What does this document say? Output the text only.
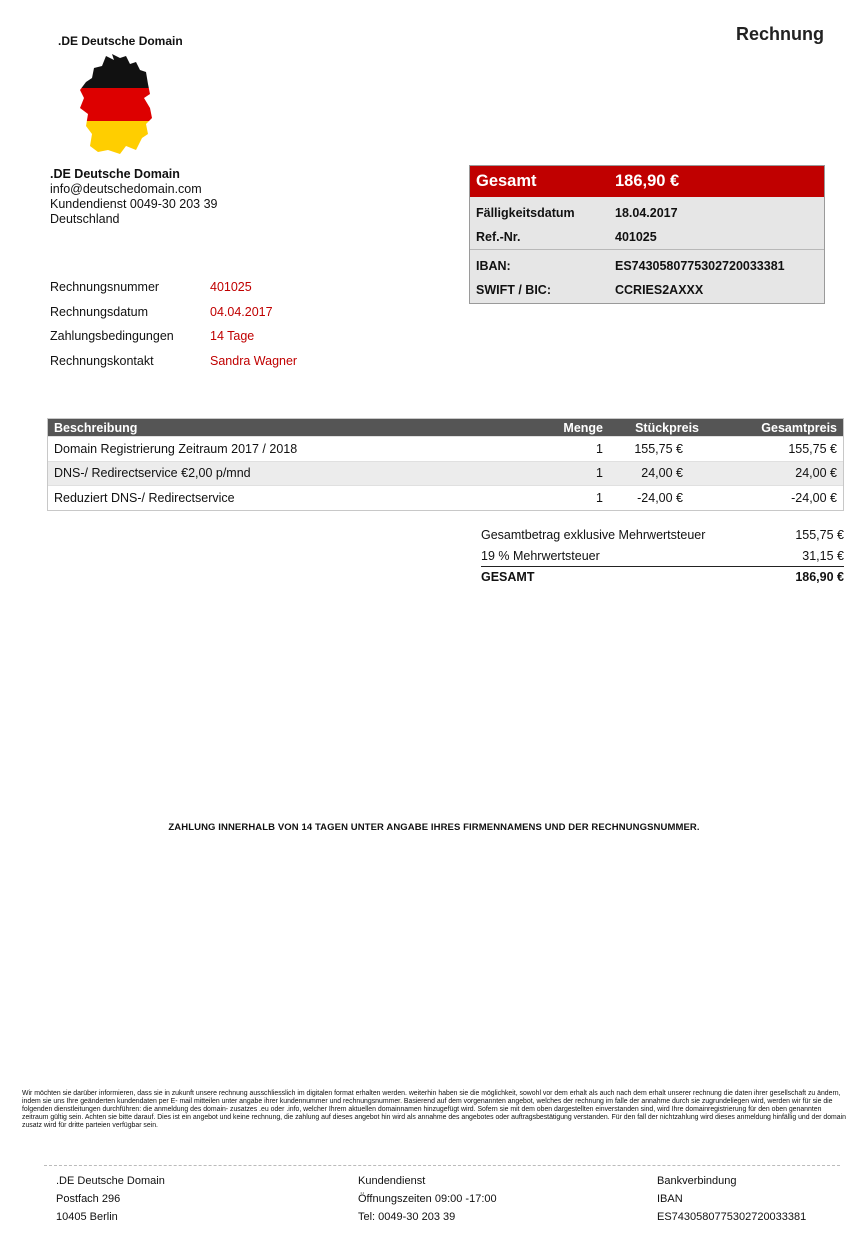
.DE Deutsche Domain	Rechnung
.DE Deutsche Domain
info@deutschedomain.com
Kundendienst 0049-30 203 39
Deutschland
Rechnungsnummer	401025
Rechnungsdatum	04.04.2017
Zahlungsbedingungen	14 Tage
Rechnungskontakt	Sandra Wagner
Gesamt	186,90 €
Fälligkeitsdatum	18.04.2017
Ref.-Nr.	401025
IBAN:	ES7430580775302720033381
SWIFT / BIC:	CCRIES2AXXX
Beschreibung	Menge	Stückpreis	Gesamtpreis
Domain Registrierung Zeitraum 2017 / 2018	1	155,75 €	155,75 €
DNS-/ Redirectservice €2,00 p/mnd	1	24,00 €	24,00 €
Reduziert DNS-/ Redirectservice	1	-24,00 €	-24,00 €
Gesamtbetrag exklusive Mehrwertsteuer	155,75 €
19 % Mehrwertsteuer	31,15 €
GESAMT	186,90 €
ZAHLUNG INNERHALB VON 14 TAGEN UNTER ANGABE IHRES FIRMENNAMENS UND DER RECHNUNGSNUMMER.
Wir möchten sie darüber informieren, dass sie in zukunft unsere rechnung ausschliesslich im digitalen format erhalten werden. weiterhin haben sie die möglichkeit, sowohl vor dem erhalt als auch nach dem erhalt unserer rechnung die daten ihrer gesellschaft zu ändern, indem sie uns Ihre geänderten kundendaten per E- mail mitteilen unter angabe ihrer kundennummer und rechnungsnummer. Basierend auf dem vorgenannten angebot, welches der rechnung im falle der annahme durch sie zugrundeliegen wird, werden wir für sie die folgenden dienstleitungen durchführen: die anmeldung des domain- zusatzes .eu oder .info, welcher Ihrem aktuellen domainnamen hinzugefügt wird. Sofern sie mit dem oben dargestellten einverstanden sind, wird Ihre domainregistrierung für den oben genannten zeitraum gültig sein. Achten sie bitte darauf. Dies ist ein angebot und keine rechnung, die zahlung auf dieses angebot hin wird als annahme des angebotes oder auftragsbestätigung verstanden. Für den fall der nichtzahlung wird dieses anmeldung hinfällig und der domain zusatz wird für dritte parteien verfügbar sein.
.DE Deutsche Domain
Postfach 296
10405 Berlin
Kundendienst
Öffnungszeiten 09:00 -17:00
Tel: 0049-30 203 39
Bankverbindung
IBAN
ES7430580775302720033381
